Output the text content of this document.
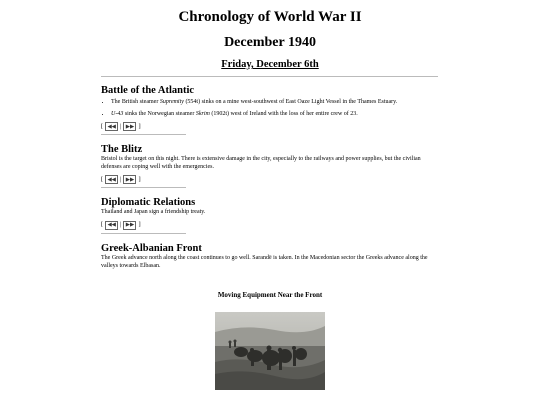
Chronology of World War II
December 1940
Friday, December 6th
Battle of the Atlantic
• The British steamer Supremity (554t) sinks on a mine west-southwest of East Oaze Light Vessel in the Thames Estuary.
• U-43 sinks the Norwegian steamer Skrim (1902t) west of Ireland with the loss of her entire crew of 23.
[ ◀◀ | ▶▶ ]
The Blitz

Bristol is the target on this night. There is extensive damage in the city, especially to the railways and power supplies, but the civilian defenses are coping well with the emergencies.

[ ◀◀ | ▶▶ ]
Diplomatic Relations

Thailand and Japan sign a friendship treaty.

[ ◀◀ | ▶▶ ]
Greek-Albanian Front

The Greek advance north along the coast continues to go well. Sarandë is taken. In the Macedonian sector the Greeks advance along the valleys towards Elbasan.

Moving Equipment Near the Front
